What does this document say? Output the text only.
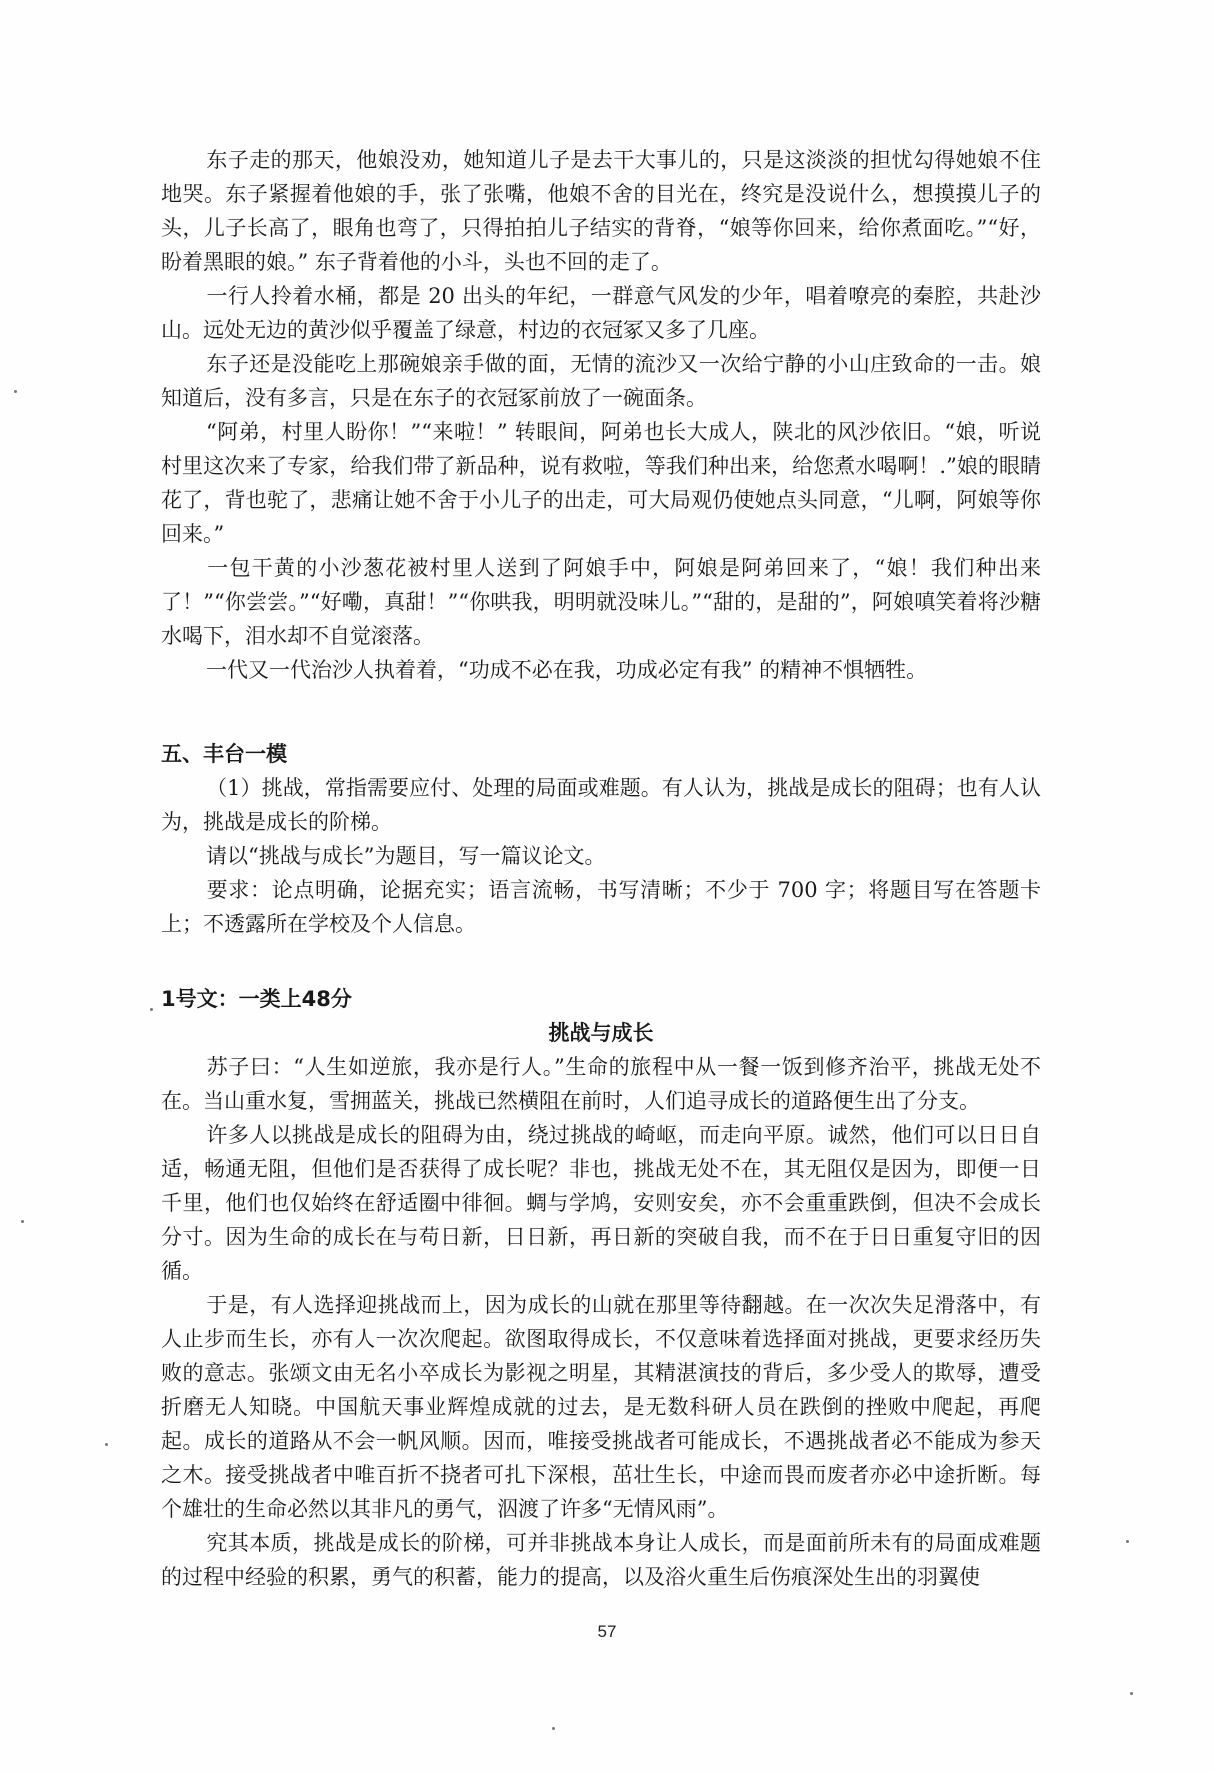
东子走的那天，他娘没劝，她知道儿子是去干大事儿的，只是这淡淡的担忧勾得她娘不住地哭。东子紧握着他娘的手，张了张嘴，他娘不舍的目光在，终究是没说什么，想摸摸儿子的头，儿子长高了，眼角也弯了，只得拍拍儿子结实的背脊，“娘等你回来，给你煮面吃。”“好，盼着黑眼的娘。” 东子背着他的小斗，头也不回的走了。

一行人拎着水桶，都是 20 出头的年纪，一群意气风发的少年，唱着嘹亮的秦腔，共赴沙山。远处无边的黄沙似乎覆盖了绿意，村边的衣冠冢又多了几座。

东子还是没能吃上那碗娘亲手做的面，无情的流沙又一次给宁静的小山庄致命的一击。娘知道后，没有多言，只是在东子的衣冠冢前放了一碗面条。

“阿弟，村里人盼你！”“来啦！” 转眼间，阿弟也长大成人，陕北的风沙依旧。“娘，听说村里这次来了专家，给我们带了新品种，说有救啦，等我们种出来，给您煮水喝啊！.”娘的眼睛花了，背也驼了，悲痛让她不舍于小儿子的出走，可大局观仍使她点头同意，“儿啊，阿娘等你回来。”

一包干黄的小沙葱花被村里人送到了阿娘手中，阿娘是阿弟回来了，“娘！我们种出来了！”“你尝尝。”“好嘞，真甜！”“你哄我，明明就没味儿。”“甜的，是甜的”，阿娘嗔笑着将沙糖水喝下，泪水却不自觉滚落。

一代又一代治沙人执着着，“功成不必在我，功成必定有我” 的精神不惧牺牲。

五、丰台一模

（1）挑战，常指需要应付、处理的局面或难题。有人认为，挑战是成长的阻碍；也有人认为，挑战是成长的阶梯。

请以“挑战与成长”为题目，写一篇议论文。

要求：论点明确，论据充实；语言流畅，书写清晰；不少于 700 字；将题目写在答题卡上；不透露所在学校及个人信息。

1号文：一类上48分

挑战与成长

苏子曰：“人生如逆旅，我亦是行人。”生命的旅程中从一餐一饭到修齐治平，挑战无处不在。当山重水复，雪拥蓝关，挑战已然横阻在前时，人们追寻成长的道路便生出了分支。

许多人以挑战是成长的阻碍为由，绕过挑战的崎岖，而走向平原。诚然，他们可以日日自适，畅通无阻，但他们是否获得了成长呢？非也，挑战无处不在，其无阻仅是因为，即便一日千里，他们也仅始终在舒适圈中徘徊。蜩与学鸠，安则安矣，亦不会重重跌倒，但决不会成长分寸。因为生命的成长在与苟日新，日日新，再日新的突破自我，而不在于日日重复守旧的因循。

于是，有人选择迎挑战而上，因为成长的山就在那里等待翻越。在一次次失足滑落中，有人止步而生长，亦有人一次次爬起。欲图取得成长，不仅意味着选择面对挑战，更要求经历失败的意志。张颂文由无名小卒成长为影视之明星，其精湛演技的背后，多少受人的欺辱，遭受折磨无人知晓。中国航天事业辉煌成就的过去，是无数科研人员在跌倒的挫败中爬起，再爬起。成长的道路从不会一帆风顺。因而，唯接受挑战者可能成长，不遇挑战者必不能成为参天之木。接受挑战者中唯百折不挠者可扎下深根，茁壮生长，中途而畏而废者亦必中途折断。每个雄壮的生命必然以其非凡的勇气，泅渡了许多“无情风雨”。

究其本质，挑战是成长的阶梯，可并非挑战本身让人成长，而是面前所未有的局面成难题的过程中经验的积累，勇气的积蓄，能力的提高，以及浴火重生后伤痕深处生出的羽翼使

57
